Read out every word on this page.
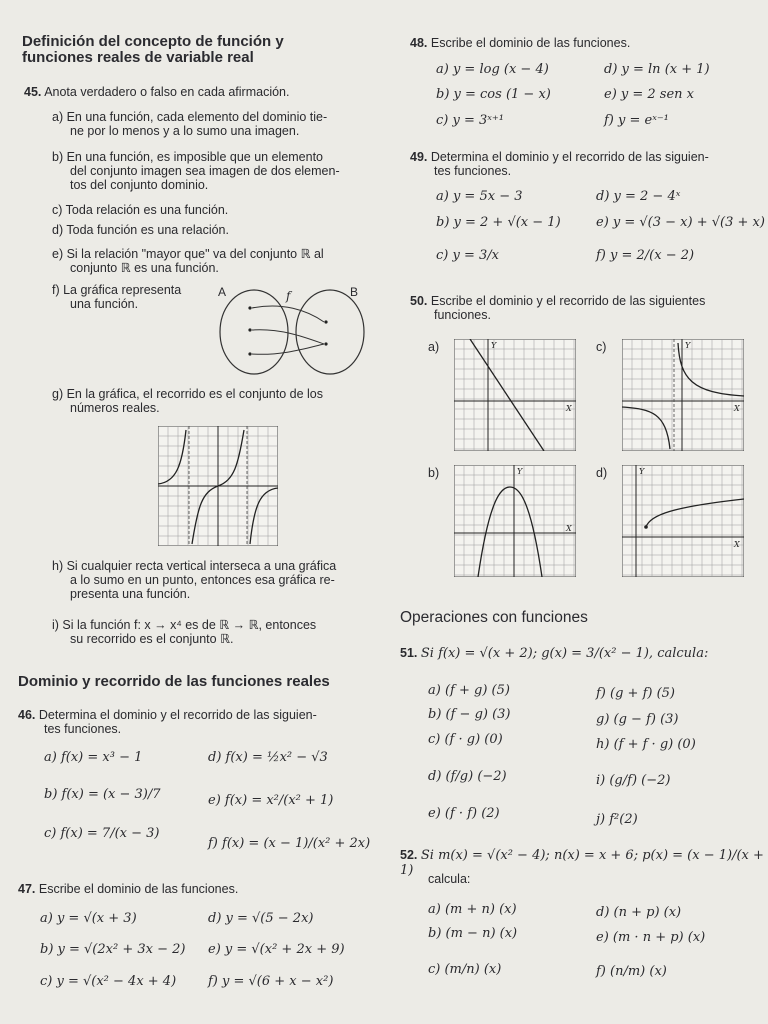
Definición del concepto de función y
funciones reales de variable real
45. Anota verdadero o falso en cada afirmación.
a) En una función, cada elemento del dominio tie-
ne por lo menos y a lo sumo una imagen.
b) En una función, es imposible que un elemento
del conjunto imagen sea imagen de dos elemen-
tos del conjunto dominio.
c) Toda relación es una función.
d) Toda función es una relación.
e) Si la relación "mayor que" va del conjunto ℝ al
conjunto ℝ es una función.
f) La gráfica representa
una función.
A	B
f
g) En la gráfica, el recorrido es el conjunto de los
números reales.
h) Si cualquier recta vertical interseca a una gráfica
a lo sumo en un punto, entonces esa gráfica re-
presenta una función.
i) Si la función f: x → x⁴ es de ℝ → ℝ, entonces
su recorrido es el conjunto ℝ.
Dominio y recorrido de las funciones reales
46. Determina el dominio y el recorrido de las siguien-
tes funciones.
a) f(x) = x³ − 1
b) f(x) = (x − 3)/7
c) f(x) = 7/(x − 3)
d) f(x) = ½x² − √3
e) f(x) = x²/(x² + 1)
f) f(x) = (x − 1)/(x² + 2x)
47. Escribe el dominio de las funciones.
a) y = √(x + 3)
b) y = √(2x² + 3x − 2)
c) y = √(x² − 4x + 4)
d) y = √(5 − 2x)
e) y = √(x² + 2x + 9)
f) y = √(6 + x − x²)
48. Escribe el dominio de las funciones.
a) y = log (x − 4)
b) y = cos (1 − x)
c) y = 3ˣ⁺¹
d) y = ln (x + 1)
e) y = 2 sen x
f) y = eˣ⁻¹
49. Determina el dominio y el recorrido de las siguien-
tes funciones.
a) y = 5x − 3
b) y = 2 + √(x − 1)
c) y = 3/x
d) y = 2 − 4ˣ
e) y = √(3 − x) + √(3 + x)
f) y = 2/(x − 2)
50. Escribe el dominio y el recorrido de las siguientes
funciones.
a)	c)
b)	d)
X
Y
X
Y
X
Y
X
Y
Operaciones con funciones
51. Si f(x) = √(x + 2); g(x) = 3/(x² − 1), calcula:
a) (f + g) (5)
b) (f − g) (3)
c) (f · g) (0)
d) (f/g) (−2)
e) (f · f) (2)
f) (g + f) (5)
g) (g − f) (3)
h) (f + f · g) (0)
i) (g/f) (−2)
j) f²(2)
52. Si m(x) = √(x² − 4); n(x) = x + 6; p(x) = (x − 1)/(x + 1)
calcula:
a) (m + n) (x)
b) (m − n) (x)
c) (m/n) (x)
d) (n + p) (x)
e) (m · n + p) (x)
f) (n/m) (x)
